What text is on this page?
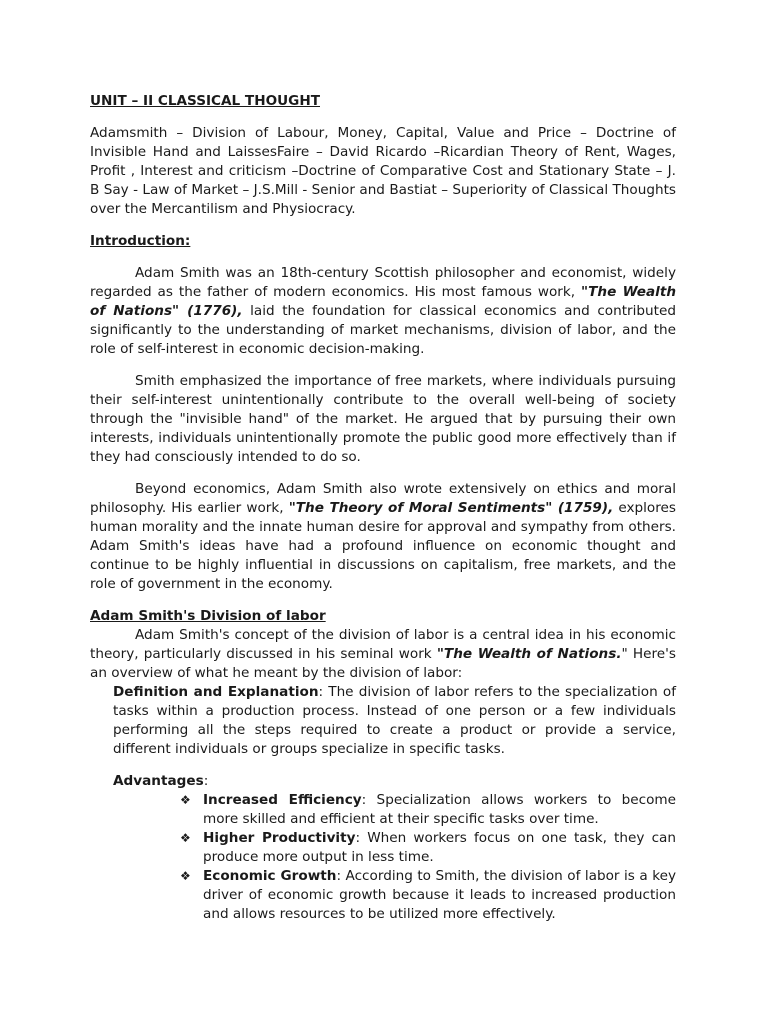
UNIT – II CLASSICAL THOUGHT

Adamsmith – Division of Labour, Money, Capital, Value and Price – Doctrine of Invisible Hand and LaissesFaire – David Ricardo –Ricardian Theory of Rent, Wages, Profit , Interest and criticism –Doctrine of Comparative Cost and Stationary State – J. B Say - Law of Market – J.S.Mill - Senior and Bastiat – Superiority of Classical Thoughts over the Mercantilism and Physiocracy.

Introduction:

Adam Smith was an 18th-century Scottish philosopher and economist, widely regarded as the father of modern economics. His most famous work, "The Wealth of Nations" (1776), laid the foundation for classical economics and contributed significantly to the understanding of market mechanisms, division of labor, and the role of self-interest in economic decision-making.

Smith emphasized the importance of free markets, where individuals pursuing their self-interest unintentionally contribute to the overall well-being of society through the "invisible hand" of the market. He argued that by pursuing their own interests, individuals unintentionally promote the public good more effectively than if they had consciously intended to do so.

Beyond economics, Adam Smith also wrote extensively on ethics and moral philosophy. His earlier work, "The Theory of Moral Sentiments" (1759), explores human morality and the innate human desire for approval and sympathy from others. Adam Smith's ideas have had a profound influence on economic thought and continue to be highly influential in discussions on capitalism, free markets, and the role of government in the economy.

Adam Smith's Division of labor

Adam Smith's concept of the division of labor is a central idea in his economic theory, particularly discussed in his seminal work "The Wealth of Nations." Here's an overview of what he meant by the division of labor:

Definition and Explanation: The division of labor refers to the specialization of tasks within a production process. Instead of one person or a few individuals performing all the steps required to create a product or provide a service, different individuals or groups specialize in specific tasks.

Advantages:

❖ Increased Efficiency: Specialization allows workers to become more skilled and efficient at their specific tasks over time.
❖ Higher Productivity: When workers focus on one task, they can produce more output in less time.
❖ Economic Growth: According to Smith, the division of labor is a key driver of economic growth because it leads to increased production and allows resources to be utilized more effectively.
